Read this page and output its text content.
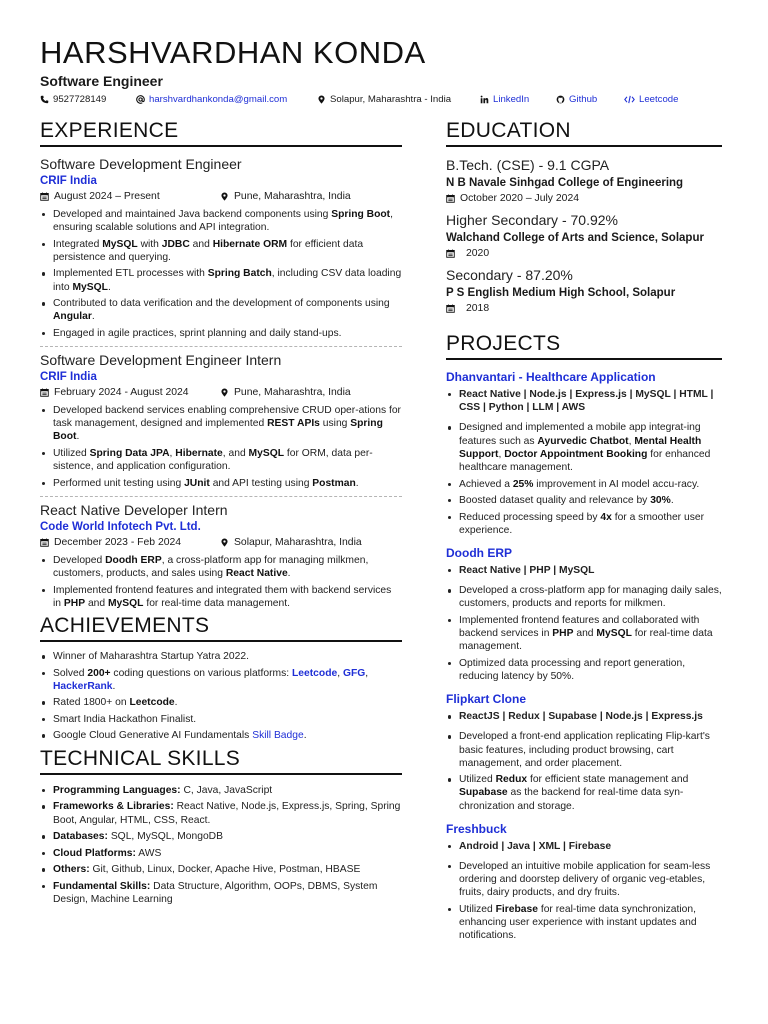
HARSHVARDHAN KONDA
Software Engineer
9527728149	harshvardhankonda@gmail.com	Solapur, Maharashtra - India	LinkedIn	Github	Leetcode
EXPERIENCE
Software Development Engineer
CRIF India
August 2024 – Present	Pune, Maharashtra, India
Developed and maintained Java backend components using Spring Boot, ensuring scalable solutions and API integration.
Integrated MySQL with JDBC and Hibernate ORM for efficient data persistence and querying.
Implemented ETL processes with Spring Batch, including CSV data loading into MySQL.
Contributed to data verification and the development of components using Angular.
Engaged in agile practices, sprint planning and daily stand-ups.
Software Development Engineer Intern
CRIF India
February 2024 - August 2024	Pune, Maharashtra, India
Developed backend services enabling comprehensive CRUD oper-ations for task management, designed and implemented REST APIs using Spring Boot.
Utilized Spring Data JPA, Hibernate, and MySQL for ORM, data per-sistence, and application configuration.
Performed unit testing using JUnit and API testing using Postman.
React Native Developer Intern
Code World Infotech Pvt. Ltd.
December 2023 - Feb 2024	Solapur, Maharashtra, India
Developed Doodh ERP, a cross-platform app for managing milkmen, customers, products, and sales using React Native.
Implemented frontend features and integrated them with backend services in PHP and MySQL for real-time data management.
ACHIEVEMENTS
Winner of Maharashtra Startup Yatra 2022.
Solved 200+ coding questions on various platforms: Leetcode, GFG, HackerRank.
Rated 1800+ on Leetcode.
Smart India Hackathon Finalist.
Google Cloud Generative AI Fundamentals Skill Badge.
TECHNICAL SKILLS
Programming Languages: C, Java, JavaScript
Frameworks & Libraries: React Native, Node.js, Express.js, Spring, Spring Boot, Angular, HTML, CSS, React.
Databases: SQL, MySQL, MongoDB
Cloud Platforms: AWS
Others: Git, Github, Linux, Docker, Apache Hive, Postman, HBASE
Fundamental Skills: Data Structure, Algorithm, OOPs, DBMS, System Design, Machine Learning
EDUCATION
B.Tech. (CSE) - 9.1 CGPA
N B Navale Sinhgad College of Engineering
October 2020 – July 2024
Higher Secondary - 70.92%
Walchand College of Arts and Science, Solapur
2020
Secondary - 87.20%
P S English Medium High School, Solapur
2018
PROJECTS
Dhanvantari - Healthcare Application
React Native | Node.js | Express.js | MySQL | HTML | CSS | Python | LLM | AWS
Designed and implemented a mobile app integrat-ing features such as Ayurvedic Chatbot, Mental Health Support, Doctor Appointment Booking for enhanced healthcare management.
Achieved a 25% improvement in AI model accu-racy.
Boosted dataset quality and relevance by 30%.
Reduced processing speed by 4x for a smoother user experience.
Doodh ERP
React Native | PHP | MySQL
Developed a cross-platform app for managing daily sales, customers, products and reports for milkmen.
Implemented frontend features and collaborated with backend services in PHP and MySQL for real-time data management.
Optimized data processing and report generation, reducing latency by 50%.
Flipkart Clone
ReactJS | Redux | Supabase | Node.js | Express.js
Developed a front-end application replicating Flip-kart's basic features, including product browsing, cart management, and order placement.
Utilized Redux for efficient state management and Supabase as the backend for real-time data syn-chronization and storage.
Freshbuck
Android | Java | XML | Firebase
Developed an intuitive mobile application for seam-less ordering and doorstep delivery of organic veg-etables, fruits, dairy products, and dry fruits.
Utilized Firebase for real-time data synchronization, enhancing user experience with instant updates and notifications.
